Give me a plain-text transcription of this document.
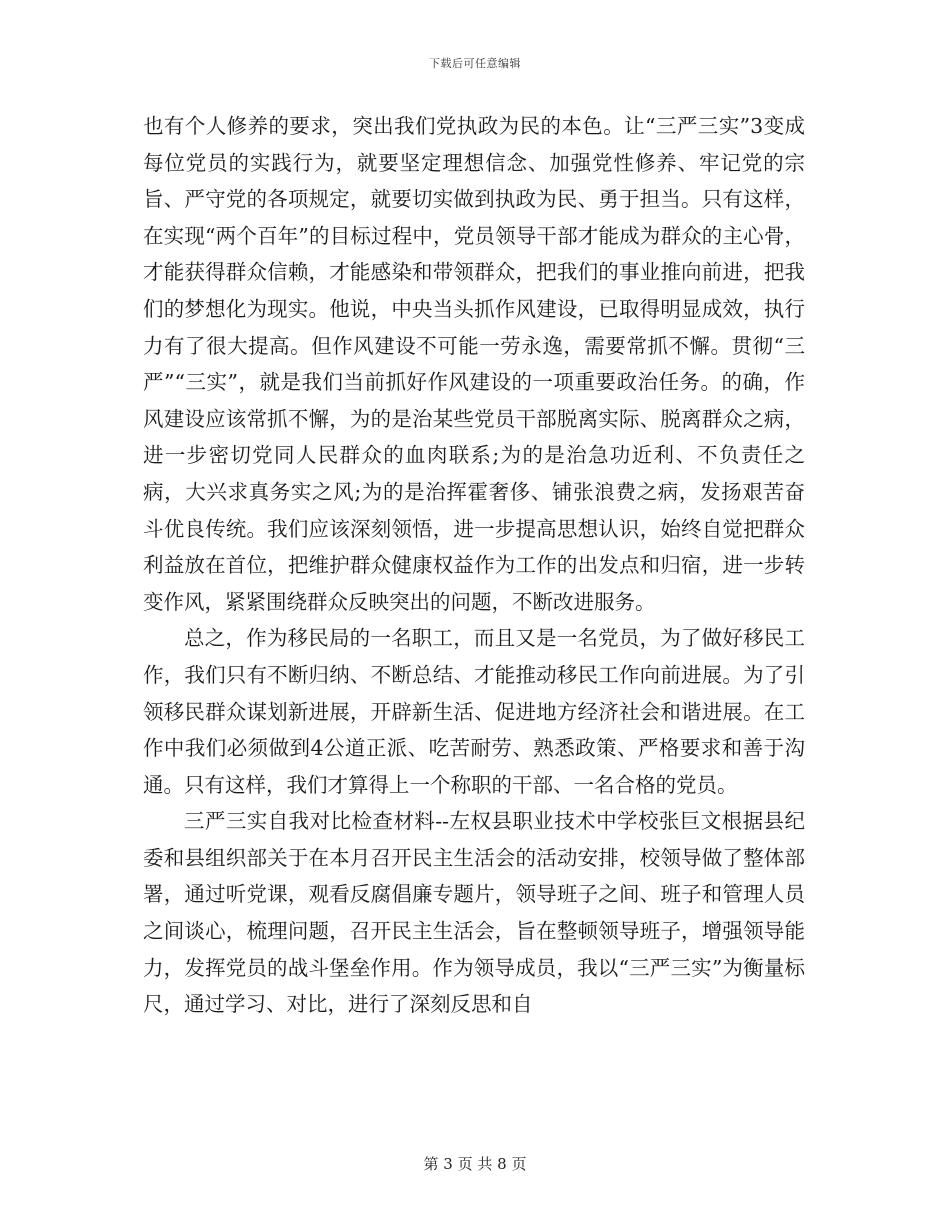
下载后可任意编辑

也有个人修养的要求，突出我们党执政为民的本色。让“三严三实”3变成每位党员的实践行为，就要坚定理想信念、加强党性修养、牢记党的宗旨、严守党的各项规定，就要切实做到执政为民、勇于担当。只有这样，在实现“两个百年”的目标过程中，党员领导干部才能成为群众的主心骨，才能获得群众信赖，才能感染和带领群众，把我们的事业推向前进，把我们的梦想化为现实。他说，中央当头抓作风建设，已取得明显成效，执行力有了很大提高。但作风建设不可能一劳永逸，需要常抓不懈。贯彻“三严”“三实”，就是我们当前抓好作风建设的一项重要政治任务。的确，作风建设应该常抓不懈，为的是治某些党员干部脱离实际、脱离群众之病，进一步密切党同人民群众的血肉联系;为的是治急功近利、不负责任之病，大兴求真务实之风;为的是治挥霍奢侈、铺张浪费之病，发扬艰苦奋斗优良传统。我们应该深刻领悟，进一步提高思想认识，始终自觉把群众利益放在首位，把维护群众健康权益作为工作的出发点和归宿，进一步转变作风，紧紧围绕群众反映突出的问题，不断改进服务。

总之，作为移民局的一名职工，而且又是一名党员，为了做好移民工作，我们只有不断归纳、不断总结、才能推动移民工作向前进展。为了引领移民群众谋划新进展，开辟新生活、促进地方经济社会和谐进展。在工作中我们必须做到4公道正派、吃苦耐劳、熟悉政策、严格要求和善于沟通。只有这样，我们才算得上一个称职的干部、一名合格的党员。

三严三实自我对比检查材料--左权县职业技术中学校张巨文根据县纪委和县组织部关于在本月召开民主生活会的活动安排，校领导做了整体部署，通过听党课，观看反腐倡廉专题片，领导班子之间、班子和管理人员之间谈心，梳理问题，召开民主生活会，旨在整顿领导班子，增强领导能力，发挥党员的战斗堡垒作用。作为领导成员，我以“三严三实”为衡量标尺，通过学习、对比，进行了深刻反思和自

第 3 页 共 8 页
